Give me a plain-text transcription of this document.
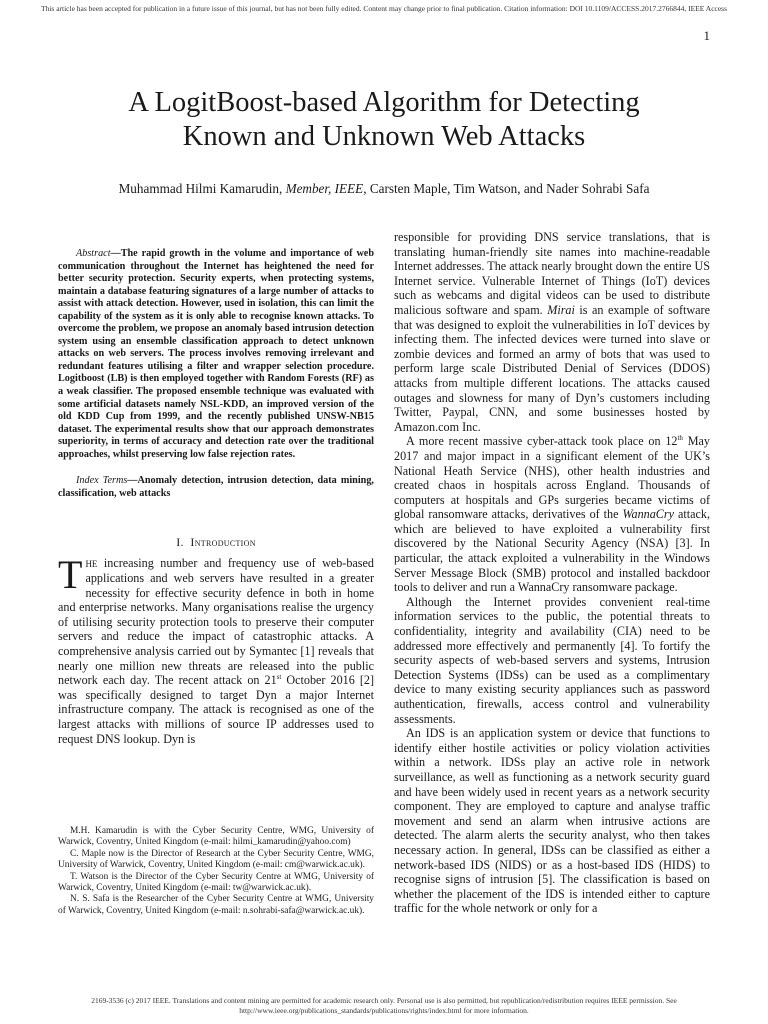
This article has been accepted for publication in a future issue of this journal, but has not been fully edited. Content may change prior to final publication. Citation information: DOI 10.1109/ACCESS.2017.2766844, IEEE Access
1
A LogitBoost-based Algorithm for Detecting
Known and Unknown Web Attacks
Muhammad Hilmi Kamarudin, Member, IEEE, Carsten Maple, Tim Watson, and Nader Sohrabi Safa

Abstract—The rapid growth in the volume and importance of web communication throughout the Internet has heightened the need for better security protection. Security experts, when protecting systems, maintain a database featuring signatures of a large number of attacks to assist with attack detection. However, used in isolation, this can limit the capability of the system as it is only able to recognise known attacks. To overcome the problem, we propose an anomaly based intrusion detection system using an ensemble classification approach to detect unknown attacks on web servers. The process involves removing irrelevant and redundant features utilising a filter and wrapper selection procedure. Logitboost (LB) is then employed together with Random Forests (RF) as a weak classifier. The proposed ensemble technique was evaluated with some artificial datasets namely NSL-KDD, an improved version of the old KDD Cup from 1999, and the recently published UNSW-NB15 dataset. The experimental results show that our approach demonstrates superiority, in terms of accuracy and detection rate over the traditional approaches, whilst preserving low false rejection rates.

Index Terms—Anomaly detection, intrusion detection, data mining, classification, web attacks

I. Introduction

The increasing number and frequency use of web-based applications and web servers have resulted in a greater necessity for effective security defence in both in home and enterprise networks. Many organisations realise the urgency of utilising security protection tools to preserve their computer servers and reduce the impact of catastrophic attacks. A comprehensive analysis carried out by Symantec [1] reveals that nearly one million new threats are released into the public network each day. The recent attack on 21st October 2016 [2] was specifically designed to target Dyn a major Internet infrastructure company. The attack is recognised as one of the largest attacks with millions of source IP addresses used to request DNS lookup. Dyn is

responsible for providing DNS service translations, that is translating human-friendly site names into machine-readable Internet addresses. The attack nearly brought down the entire US Internet service. Vulnerable Internet of Things (IoT) devices such as webcams and digital videos can be used to distribute malicious software and spam. Mirai is an example of software that was designed to exploit the vulnerabilities in IoT devices by infecting them. The infected devices were turned into slave or zombie devices and formed an army of bots that was used to perform large scale Distributed Denial of Services (DDOS) attacks from multiple different locations. The attacks caused outages and slowness for many of Dyn’s customers including Twitter, Paypal, CNN, and some businesses hosted by Amazon.com Inc.

A more recent massive cyber-attack took place on 12th May 2017 and major impact in a significant element of the UK’s National Heath Service (NHS), other health industries and created chaos in hospitals across England. Thousands of computers at hospitals and GPs surgeries became victims of global ransomware attacks, derivatives of the WannaCry attack, which are believed to have exploited a vulnerability first discovered by the National Security Agency (NSA) [3]. In particular, the attack exploited a vulnerability in the Windows Server Message Block (SMB) protocol and installed backdoor tools to deliver and run a WannaCry ransomware package.

Although the Internet provides convenient real-time information services to the public, the potential threats to confidentiality, integrity and availability (CIA) need to be addressed more effectively and permanently [4]. To fortify the security aspects of web-based servers and systems, Intrusion Detection Systems (IDSs) can be used as a complimentary device to many existing security appliances such as password authentication, firewalls, access control and vulnerability assessments.

An IDS is an application system or device that functions to identify either hostile activities or policy violation activities within a network. IDSs play an active role in network surveillance, as well as functioning as a network security guard and have been widely used in recent years as a network security component. They are employed to capture and analyse traffic movement and send an alarm when intrusive actions are detected. The alarm alerts the security analyst, who then takes necessary action. In general, IDSs can be classified as either a network-based IDS (NIDS) or as a host-based IDS (HIDS) to recognise signs of intrusion [5]. The classification is based on whether the placement of the IDS is intended either to capture traffic for the whole network or only for a

M.H. Kamarudin is with the Cyber Security Centre, WMG, University of Warwick, Coventry, United Kingdom (e-mail: hilmi_kamarudin@yahoo.com)

C. Maple now is the Director of Research at the Cyber Security Centre, WMG, University of Warwick, Coventry, United Kingdom (e-mail: cm@warwick.ac.uk).

T. Watson is the Director of the Cyber Security Centre at WMG, University of Warwick, Coventry, United Kingdom (e-mail: tw@warwick.ac.uk).

N. S. Safa is the Researcher of the Cyber Security Centre at WMG, University of Warwick, Coventry, United Kingdom (e-mail: n.sohrabi-safa@warwick.ac.uk).

2169-3536 (c) 2017 IEEE. Translations and content mining are permitted for academic research only. Personal use is also permitted, but republication/redistribution requires IEEE permission. See
http://www.ieee.org/publications_standards/publications/rights/index.html for more information.
